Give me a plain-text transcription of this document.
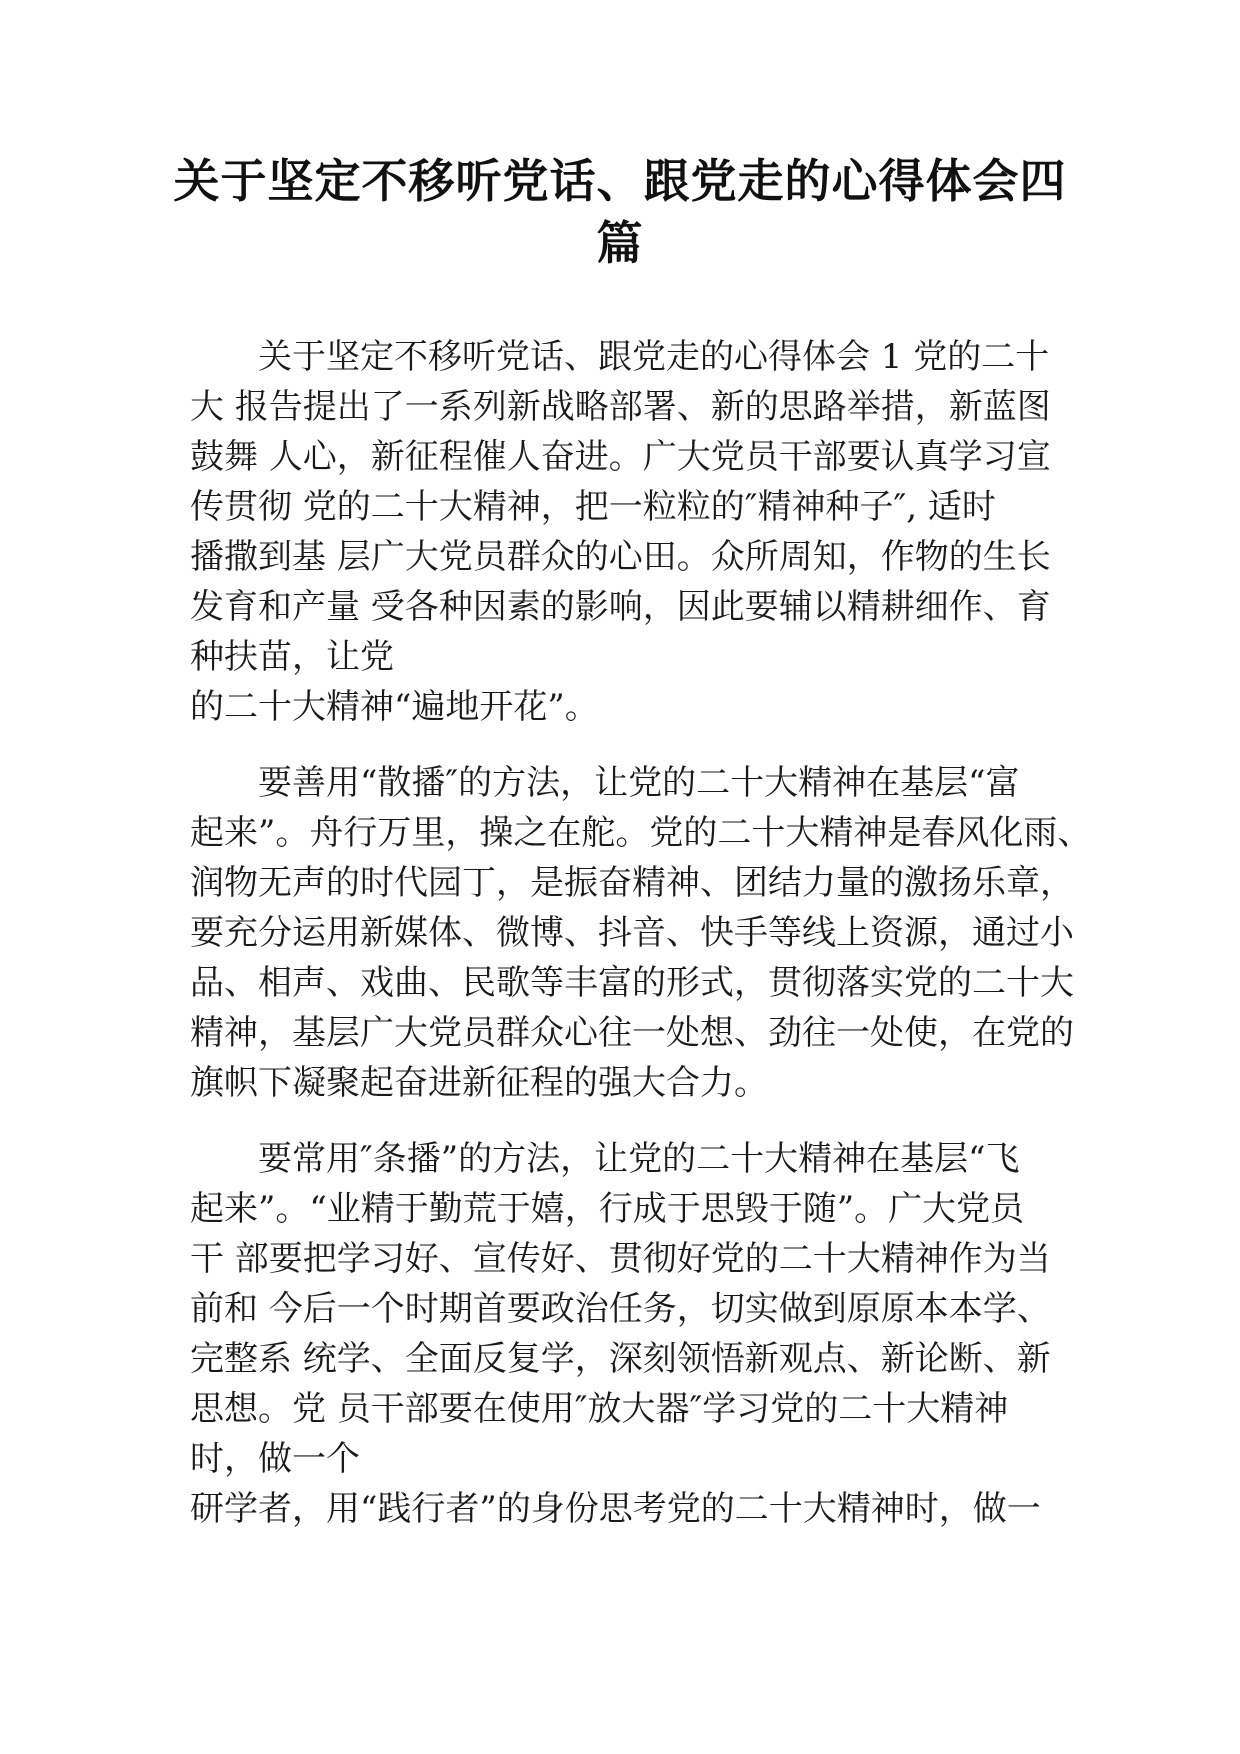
关于坚定不移听党话、跟党走的心得体会四
篇
关于坚定不移听党话、跟党走的心得体会 1 党的二十
大 报告提出了一系列新战略部署、新的思路举措，新蓝图
鼓舞 人心，新征程催人奋进。广大党员干部要认真学习宣
传贯彻 党的二十大精神，把一粒粒的″精神种子″, 适时
播撒到基 层广大党员群众的心田。众所周知，作物的生长
发育和产量 受各种因素的影响，因此要辅以精耕细作、育
种扶苗，让党
的二十大精神“遍地开花”。
要善用“散播″的方法，让党的二十大精神在基层“富
起来”。舟行万里，操之在舵。党的二十大精神是春风化雨、
润物无声的时代园丁，是振奋精神、团结力量的激扬乐章，
要充分运用新媒体、微博、抖音、快手等线上资源，通过小
品、相声、戏曲、民歌等丰富的形式，贯彻落实党的二十大
精神，基层广大党员群众心往一处想、劲往一处使，在党的
旗帜下凝聚起奋进新征程的强大合力。
要常用″条播”的方法，让党的二十大精神在基层“飞
起来”。“业精于勤荒于嬉，行成于思毁于随”。广大党员
干 部要把学习好、宣传好、贯彻好党的二十大精神作为当
前和 今后一个时期首要政治任务，切实做到原原本本学、
完整系 统学、全面反复学，深刻领悟新观点、新论断、新
思想。党 员干部要在使用″放大器″学习党的二十大精神
时，做一个
研学者，用“践行者”的身份思考党的二十大精神时，做一
